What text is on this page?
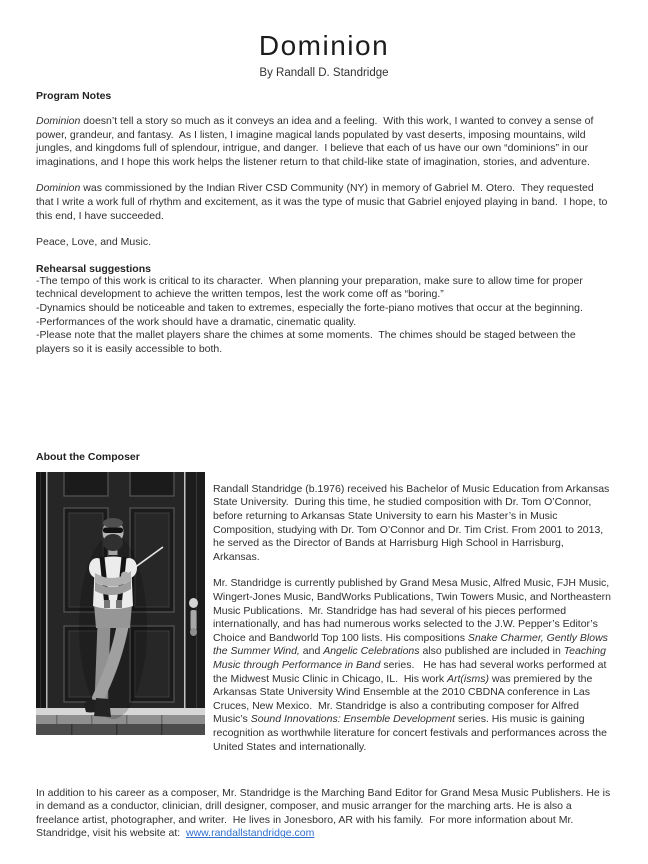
Dominion
By Randall D. Standridge
Program Notes

Dominion doesn’t tell a story so much as it conveys an idea and a feeling.  With this work, I wanted to convey a sense of power, grandeur, and fantasy.  As I listen, I imagine magical lands populated by vast deserts, imposing mountains, wild jungles, and kingdoms full of splendour, intrigue, and danger.  I believe that each of us have our own “dominions” in our imaginations, and I hope this work helps the listener return to that child-like state of imagination, stories, and adventure.

Dominion was commissioned by the Indian River CSD Community (NY) in memory of Gabriel M. Otero.  They requested that I write a work full of rhythm and excitement, as it was the type of music that Gabriel enjoyed playing in band.  I hope, to this end, I have succeeded.

Peace, Love, and Music.

Rehearsal suggestions
-The tempo of this work is critical to its character.  When planning your preparation, make sure to allow time for proper technical development to achieve the written tempos, lest the work come off as “boring.”
-Dynamics should be noticeable and taken to extremes, especially the forte-piano motives that occur at the beginning.
-Performances of the work should have a dramatic, cinematic quality.
-Please note that the mallet players share the chimes at some moments.  The chimes should be staged between the players so it is easily accessible to both.
About the Composer

Randall Standridge (b.1976) received his Bachelor of Music Education from Arkansas State University.  During this time, he studied composition with Dr. Tom O’Connor, before returning to Arkansas State University to earn his Master’s in Music Composition, studying with Dr. Tom O’Connor and Dr. Tim Crist. From 2001 to 2013, he served as the Director of Bands at Harrisburg High School in Harrisburg, Arkansas.

Mr. Standridge is currently published by Grand Mesa Music, Alfred Music, FJH Music, Wingert-Jones Music, BandWorks Publications, Twin Towers Music, and Northeastern Music Publications.  Mr. Standridge has had several of his pieces performed internationally, and has had numerous works selected to the J.W. Pepper’s Editor’s Choice and Bandworld Top 100 lists. His compositions Snake Charmer, Gently Blows the Summer Wind, and Angelic Celebrations also published are included in Teaching Music through Performance in Band series.   He has had several works performed at the Midwest Music Clinic in Chicago, IL.  His work Art(isms) was premiered by the Arkansas State University Wind Ensemble at the 2010 CBDNA conference in Las Cruces, New Mexico.  Mr. Standridge is also a contributing composer for Alfred Music’s Sound Innovations: Ensemble Development series. His music is gaining recognition as worthwhile literature for concert festivals and performances across the United States and internationally.

In addition to his career as a composer, Mr. Standridge is the Marching Band Editor for Grand Mesa Music Publishers. He is in demand as a conductor, clinician, drill designer, composer, and music arranger for the marching arts. He is also a freelance artist, photographer, and writer.  He lives in Jonesboro, AR with his family.  For more information about Mr. Standridge, visit his website at:  www.randallstandridge.com
